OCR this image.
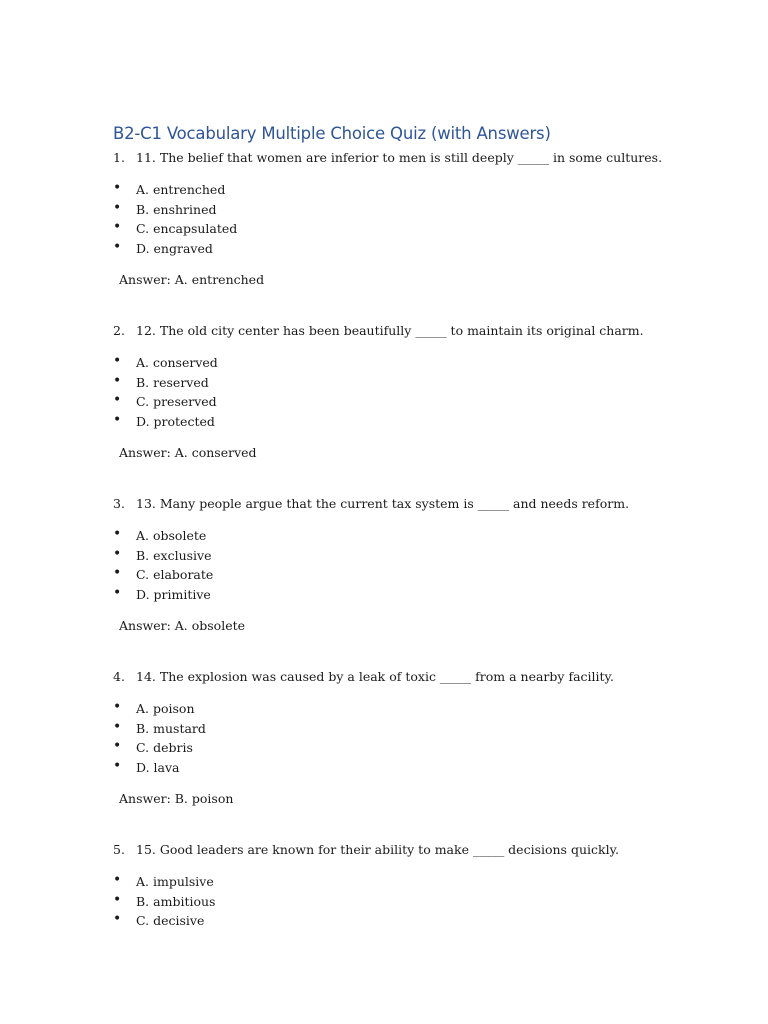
B2-C1 Vocabulary Multiple Choice Quiz (with Answers)
1. 11. The belief that women are inferior to men is still deeply _____ in some cultures.
• A. entrenched
• B. enshrined
• C. encapsulated
• D. engraved
Answer: A. entrenched
2. 12. The old city center has been beautifully _____ to maintain its original charm.
• A. conserved
• B. reserved
• C. preserved
• D. protected
Answer: A. conserved
3. 13. Many people argue that the current tax system is _____ and needs reform.
• A. obsolete
• B. exclusive
• C. elaborate
• D. primitive
Answer: A. obsolete
4. 14. The explosion was caused by a leak of toxic _____ from a nearby facility.
• A. poison
• B. mustard
• C. debris
• D. lava
Answer: B. poison
5. 15. Good leaders are known for their ability to make _____ decisions quickly.
• A. impulsive
• B. ambitious
• C. decisive
